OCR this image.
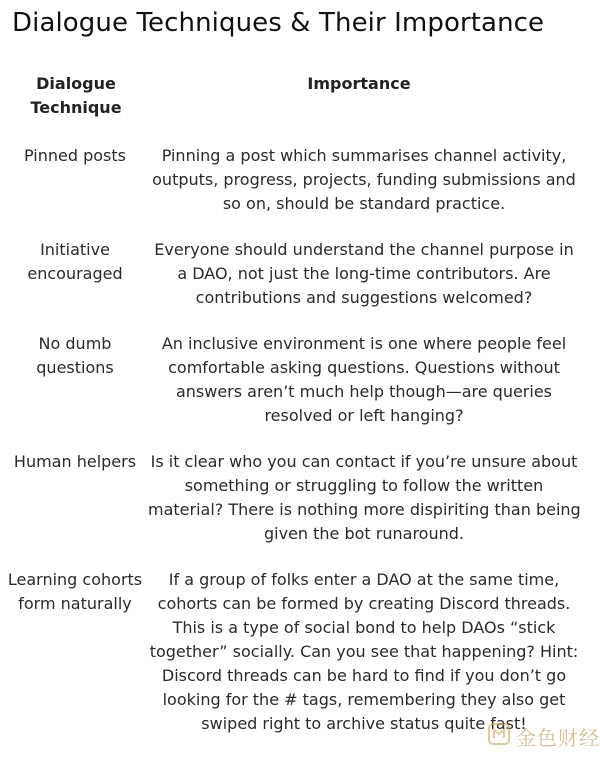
Dialogue Techniques & Their Importance
Dialogue
Technique
Importance
Pinned posts	Pinning a post which summarises channel activity,
outputs, progress, projects, funding submissions and
so on, should be standard practice.
Initiative
encouraged
Everyone should understand the channel purpose in
a DAO, not just the long-time contributors. Are
contributions and suggestions welcomed?
No dumb
questions
An inclusive environment is one where people feel
comfortable asking questions. Questions without
answers aren’t much help though—are queries
resolved or left hanging?
Human helpers Is it clear who you can contact if you’re unsure about
something or struggling to follow the written
material? There is nothing more dispiriting than being
given the bot runaround.
Learning cohorts
form naturally
If a group of folks enter a DAO at the same time,
cohorts can be formed by creating Discord threads.
This is a type of social bond to help DAOs “stick
together” socially. Can you see that happening? Hint:
Discord threads can be hard to find if you don’t go
looking for the # tags, remembering they also get
swiped right to archive status quite fast!
金色财经
